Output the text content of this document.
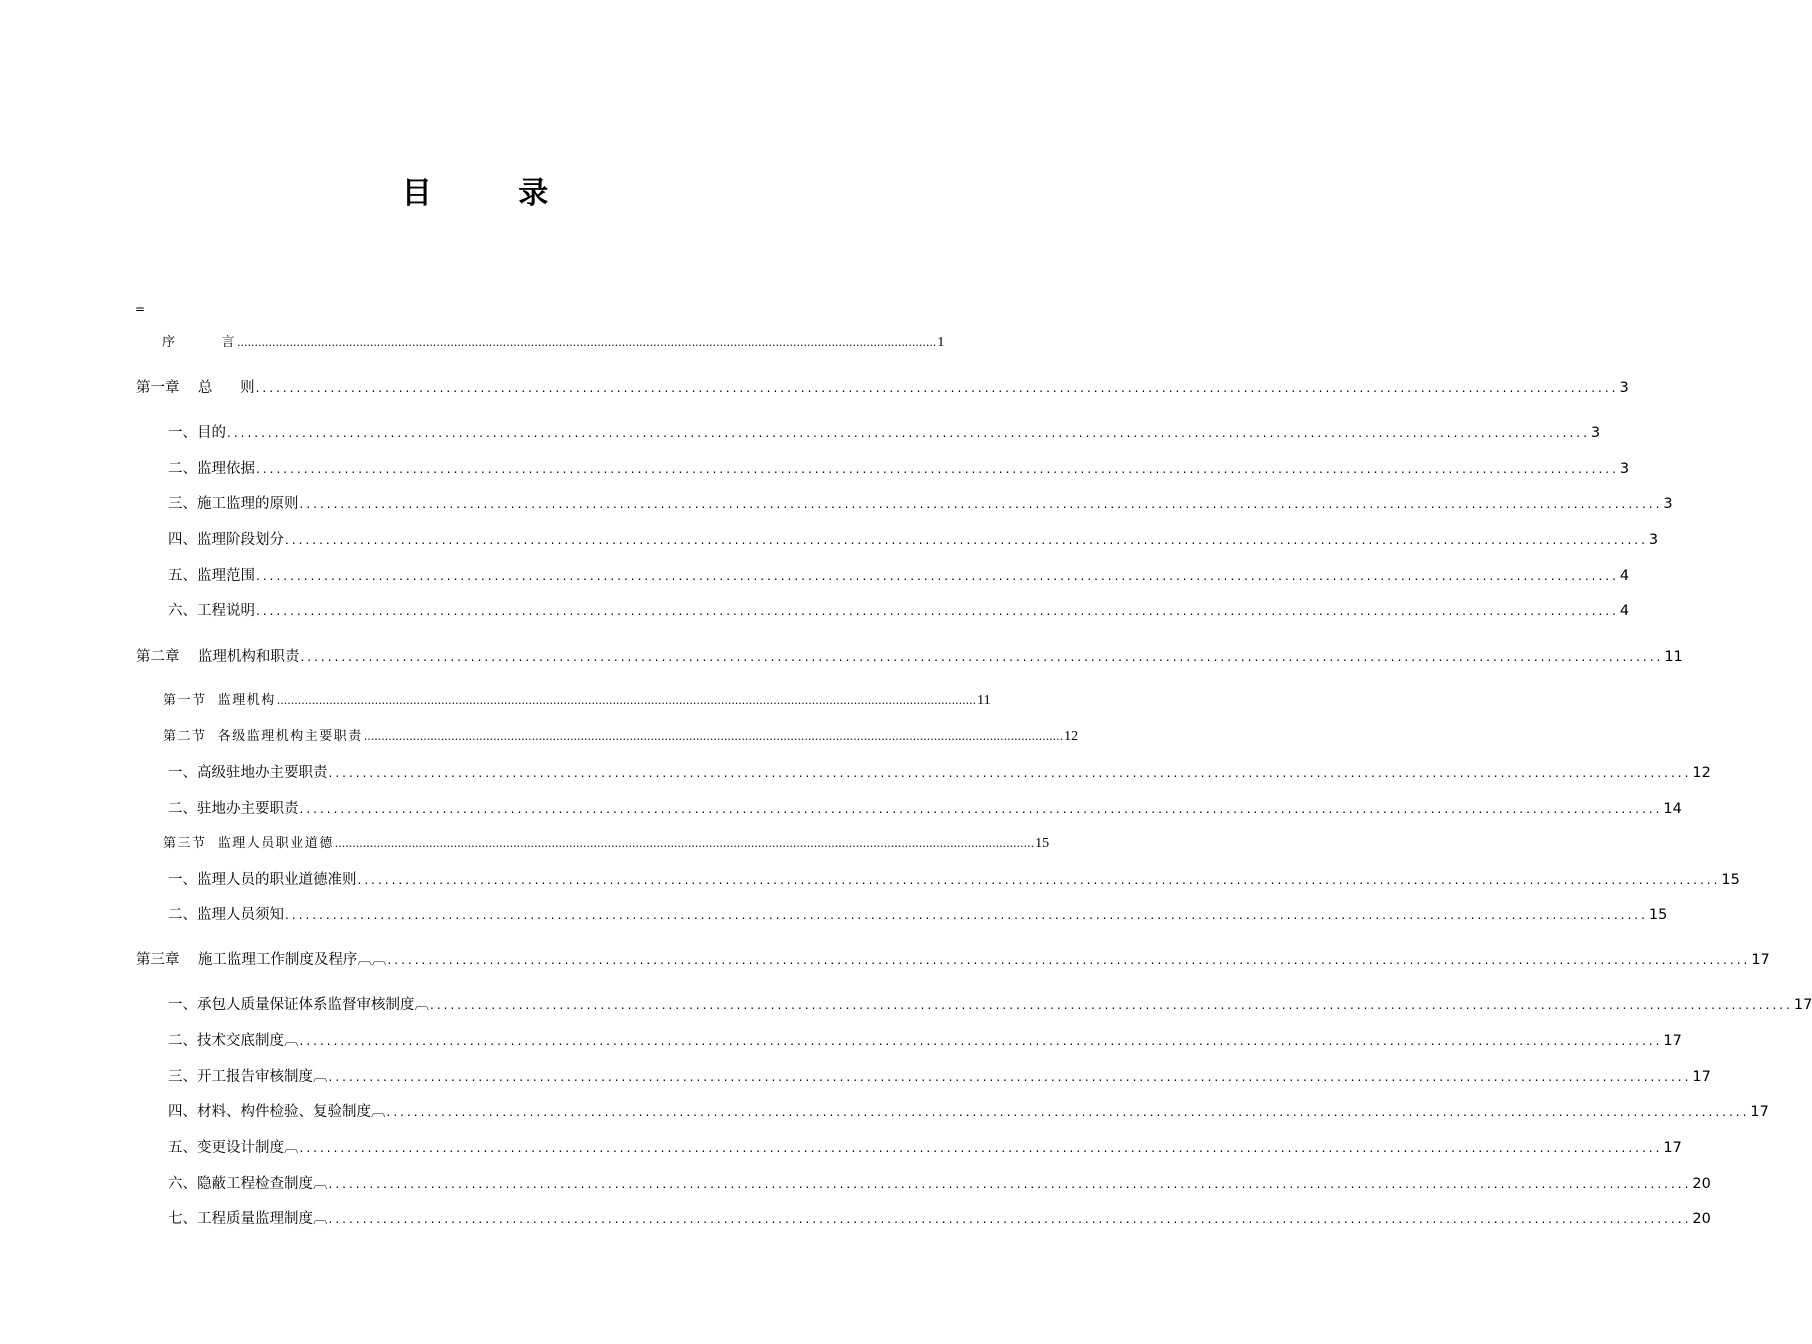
目 录
=
序        言 ........................................................................................................................................................................................................ 1
第一章    总      则 ........................................................................................................................................................................................................ 3
一、目的 ........................................................................................................................................................................................................ 3
二、监理依据 ........................................................................................................................................................................................................ 3
三、施工监理的原则 ........................................................................................................................................................................................................ 3
四、监理阶段划分 ........................................................................................................................................................................................................ 3
五、监理范围 ........................................................................................................................................................................................................ 4
六、工程说明 ........................................................................................................................................................................................................ 4
第二章    监理机构和职责 ........................................................................................................................................................................................................ 11
第一节  监理机构 ........................................................................................................................................................................................................ 11
第二节  各级监理机构主要职责 ........................................................................................................................................................................................................ 12
一、高级驻地办主要职责 ........................................................................................................................................................................................................ 12
二、驻地办主要职责 ........................................................................................................................................................................................................ 14
第三节  监理人员职业道德 ........................................................................................................................................................................................................ 15
一、监理人员的职业道德准则 ........................................................................................................................................................................................................ 15
二、监理人员须知 ........................................................................................................................................................................................................ 15
第三章    施工监理工作制度及程序︹︹ ........................................................................................................................................................................................................ 17
一、承包人质量保证体系监督审核制度︹ ........................................................................................................................................................................................................ 17
二、技术交底制度︹ ........................................................................................................................................................................................................ 17
三、开工报告审核制度︹ ........................................................................................................................................................................................................ 17
四、材料、构件检验、复验制度︹ ........................................................................................................................................................................................................ 17
五、变更设计制度︹ ........................................................................................................................................................................................................ 17
六、隐蔽工程检查制度︹ ........................................................................................................................................................................................................ 20
七、工程质量监理制度︹ ........................................................................................................................................................................................................ 20
